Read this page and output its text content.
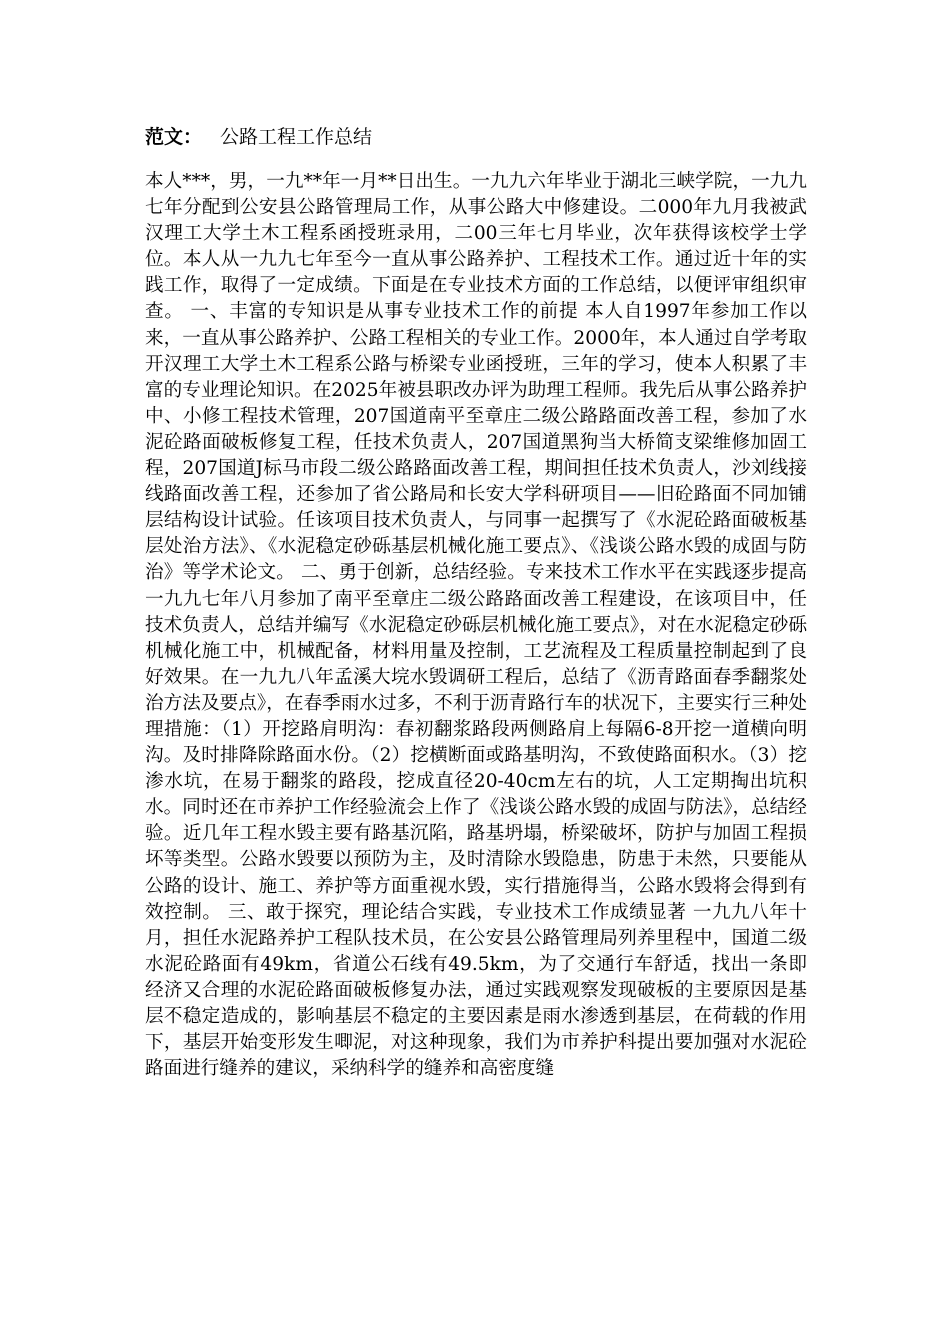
范文： 公路工程工作总结

本人***，男，一九**年一月**日出生。一九九六年毕业于湖北三峡学院，一九九七年分配到公安县公路管理局工作，从事公路大中修建设。二000年九月我被武汉理工大学土木工程系函授班录用，二00三年七月毕业，次年获得该校学士学位。本人从一九九七年至今一直从事公路养护、工程技术工作。通过近十年的实践工作，取得了一定成绩。下面是在专业技术方面的工作总结，以便评审组织审查。 一、丰富的专知识是从事专业技术工作的前提 本人自1997年参加工作以来，一直从事公路养护、公路工程相关的专业工作。2000年，本人通过自学考取开汉理工大学土木工程系公路与桥梁专业函授班，三年的学习，使本人积累了丰富的专业理论知识。在2025年被县职改办评为助理工程师。我先后从事公路养护中、小修工程技术管理，207国道南平至章庄二级公路路面改善工程，参加了水泥砼路面破板修复工程，任技术负责人，207国道黑狗当大桥简支梁维修加固工程，207国道J标马市段二级公路路面改善工程，期间担任技术负责人，沙刘线接线路面改善工程，还参加了省公路局和长安大学科研项目——旧砼路面不同加铺层结构设计试验。任该项目技术负责人，与同事一起撰写了《水泥砼路面破板基层处治方法》、《水泥稳定砂砾基层机械化施工要点》、《浅谈公路水毁的成固与防治》等学术论文。 二、勇于创新，总结经验。专来技术工作水平在实践逐步提高 一九九七年八月参加了南平至章庄二级公路路面改善工程建设，在该项目中，任技术负责人，总结并编写《水泥稳定砂砾层机械化施工要点》，对在水泥稳定砂砾机械化施工中，机械配备，材料用量及控制，工艺流程及工程质量控制起到了良好效果。在一九九八年孟溪大垸水毁调研工程后，总结了《沥青路面春季翻浆处治方法及要点》，在春季雨水过多，不利于沥青路行车的状况下，主要实行三种处理措施：（1）开挖路肩明沟：春初翻浆路段两侧路肩上每隔6-8开挖一道横向明沟。及时排降除路面水份。（2）挖横断面或路基明沟，不致使路面积水。（3）挖渗水坑，在易于翻浆的路段，挖成直径20-40cm左右的坑，人工定期掏出坑积水。同时还在市养护工作经验流会上作了《浅谈公路水毁的成固与防法》，总结经验。近几年工程水毁主要有路基沉陷，路基坍塌，桥梁破坏，防护与加固工程损坏等类型。公路水毁要以预防为主，及时清除水毁隐患，防患于未然，只要能从公路的设计、施工、养护等方面重视水毁，实行措施得当，公路水毁将会得到有效控制。 三、敢于探究，理论结合实践，专业技术工作成绩显著 一九九八年十月，担任水泥路养护工程队技术员，在公安县公路管理局列养里程中，国道二级水泥砼路面有49km，省道公石线有49.5km，为了交通行车舒适，找出一条即经济又合理的水泥砼路面破板修复办法，通过实践观察发现破板的主要原因是基层不稳定造成的，影响基层不稳定的主要因素是雨水渗透到基层，在荷载的作用下，基层开始变形发生唧泥，对这种现象，我们为市养护科提出要加强对水泥砼路面进行缝养的建议，采纳科学的缝养和高密度缝
